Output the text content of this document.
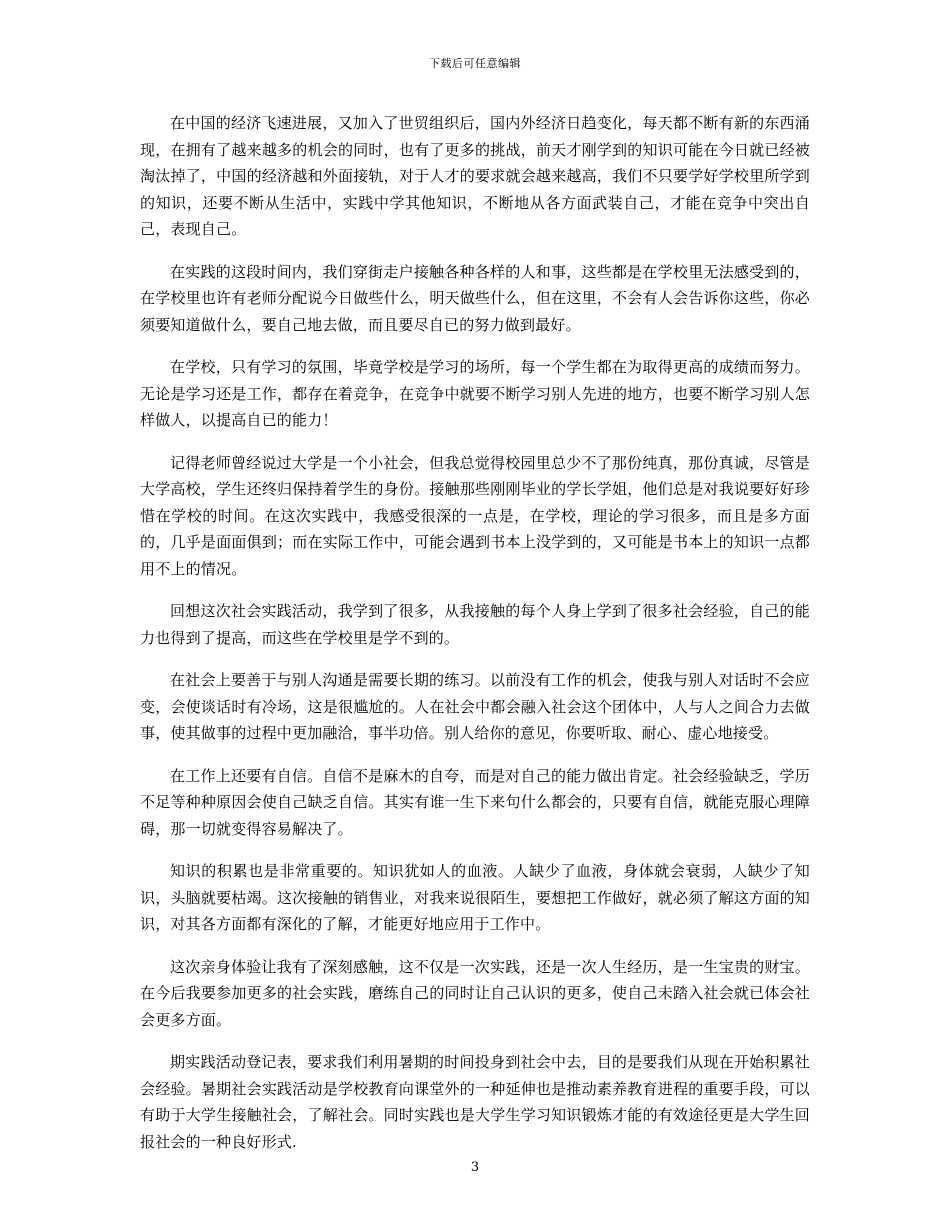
下载后可任意编辑

在中国的经济飞速进展，又加入了世贸组织后，国内外经济日趋变化，每天都不断有新的东西涌现，在拥有了越来越多的机会的同时，也有了更多的挑战，前天才刚学到的知识可能在今日就已经被淘汰掉了，中国的经济越和外面接轨，对于人才的要求就会越来越高，我们不只要学好学校里所学到的知识，还要不断从生活中，实践中学其他知识，不断地从各方面武装自己，才能在竞争中突出自己，表现自己。

在实践的这段时间内，我们穿街走户接触各种各样的人和事，这些都是在学校里无法感受到的，在学校里也许有老师分配说今日做些什么，明天做些什么，但在这里，不会有人会告诉你这些，你必须要知道做什么，要自己地去做，而且要尽自已的努力做到最好。

在学校，只有学习的氛围，毕竟学校是学习的场所，每一个学生都在为取得更高的成绩而努力。无论是学习还是工作，都存在着竞争，在竞争中就要不断学习别人先进的地方，也要不断学习别人怎样做人，以提高自已的能力！

记得老师曾经说过大学是一个小社会，但我总觉得校园里总少不了那份纯真，那份真诚，尽管是大学高校，学生还终归保持着学生的身份。接触那些刚刚毕业的学长学姐，他们总是对我说要好好珍惜在学校的时间。在这次实践中，我感受很深的一点是，在学校，理论的学习很多，而且是多方面的，几乎是面面俱到；而在实际工作中，可能会遇到书本上没学到的，又可能是书本上的知识一点都用不上的情况。

回想这次社会实践活动，我学到了很多，从我接触的每个人身上学到了很多社会经验，自己的能力也得到了提高，而这些在学校里是学不到的。

在社会上要善于与别人沟通是需要长期的练习。以前没有工作的机会，使我与别人对话时不会应变，会使谈话时有冷场，这是很尴尬的。人在社会中都会融入社会这个团体中，人与人之间合力去做事，使其做事的过程中更加融洽，事半功倍。别人给你的意见，你要听取、耐心、虚心地接受。

在工作上还要有自信。自信不是麻木的自夸，而是对自己的能力做出肯定。社会经验缺乏，学历不足等种种原因会使自己缺乏自信。其实有谁一生下来句什么都会的，只要有自信，就能克服心理障碍，那一切就变得容易解决了。

知识的积累也是非常重要的。知识犹如人的血液。人缺少了血液，身体就会衰弱，人缺少了知识，头脑就要枯竭。这次接触的销售业，对我来说很陌生，要想把工作做好，就必须了解这方面的知识，对其各方面都有深化的了解，才能更好地应用于工作中。

这次亲身体验让我有了深刻感触，这不仅是一次实践，还是一次人生经历，是一生宝贵的财宝。在今后我要参加更多的社会实践，磨练自己的同时让自己认识的更多，使自己未踏入社会就已体会社会更多方面。

期实践活动登记表，要求我们利用暑期的时间投身到社会中去，目的是要我们从现在开始积累社会经验。暑期社会实践活动是学校教育向课堂外的一种延伸也是推动素养教育进程的重要手段，可以有助于大学生接触社会，了解社会。同时实践也是大学生学习知识锻炼才能的有效途径更是大学生回报社会的一种良好形式.

3
